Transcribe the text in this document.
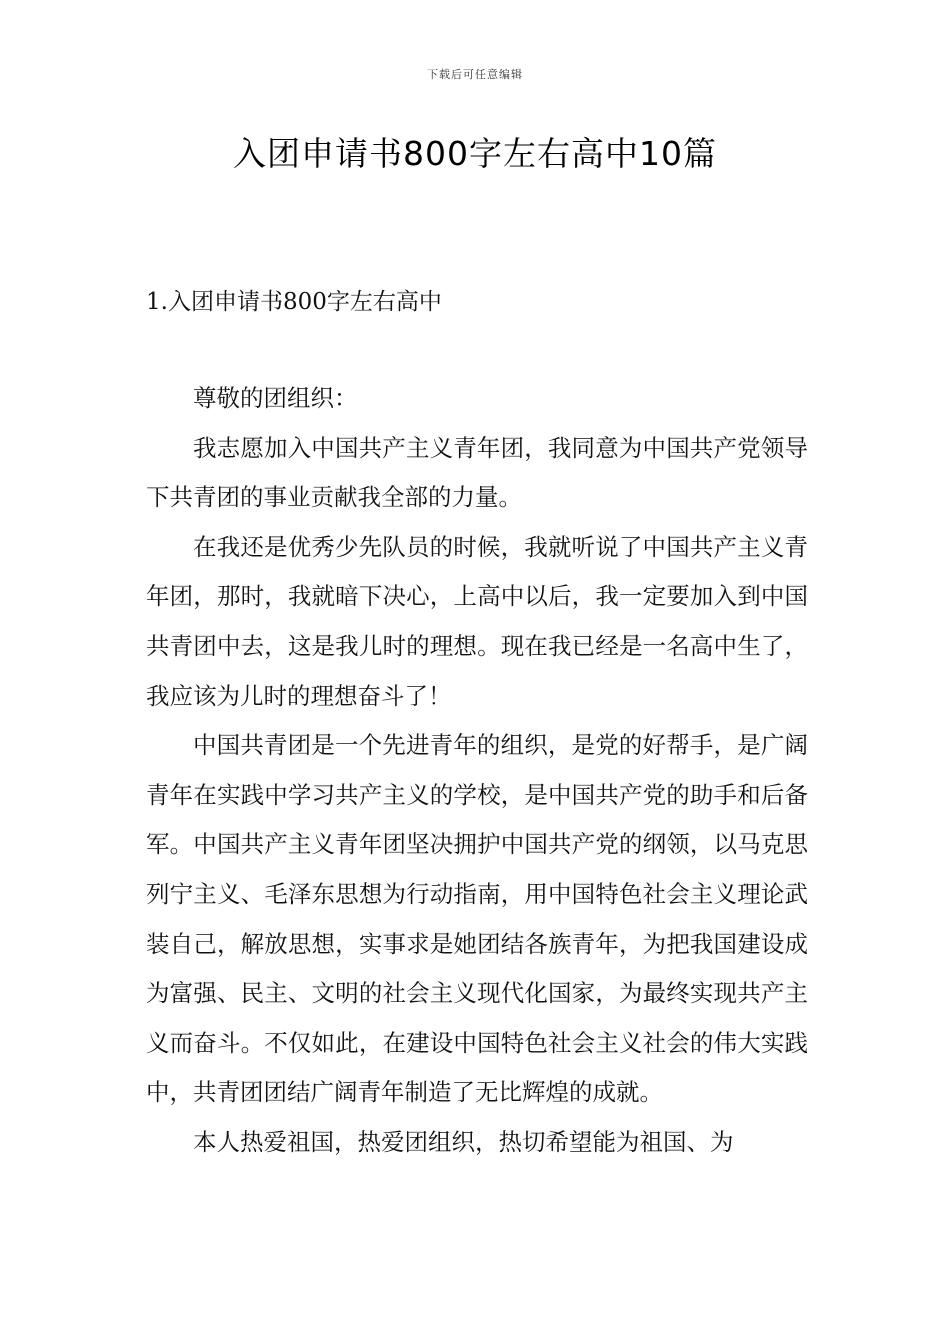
下载后可任意编辑
入团申请书800字左右高中10篇
1.入团申请书800字左右高中

尊敬的团组织：

我志愿加入中国共产主义青年团，我同意为中国共产党领导下共青团的事业贡献我全部的力量。

在我还是优秀少先队员的时候，我就听说了中国共产主义青年团，那时，我就暗下决心，上高中以后，我一定要加入到中国共青团中去，这是我儿时的理想。现在我已经是一名高中生了，我应该为儿时的理想奋斗了！

中国共青团是一个先进青年的组织，是党的好帮手，是广阔青年在实践中学习共产主义的学校，是中国共产党的助手和后备军。中国共产主义青年团坚决拥护中国共产党的纲领，以马克思列宁主义、毛泽东思想为行动指南，用中国特色社会主义理论武装自己，解放思想，实事求是她团结各族青年，为把我国建设成为富强、民主、文明的社会主义现代化国家，为最终实现共产主义而奋斗。不仅如此，在建设中国特色社会主义社会的伟大实践中，共青团团结广阔青年制造了无比辉煌的成就。

本人热爱祖国，热爱团组织，热切希望能为祖国、为
